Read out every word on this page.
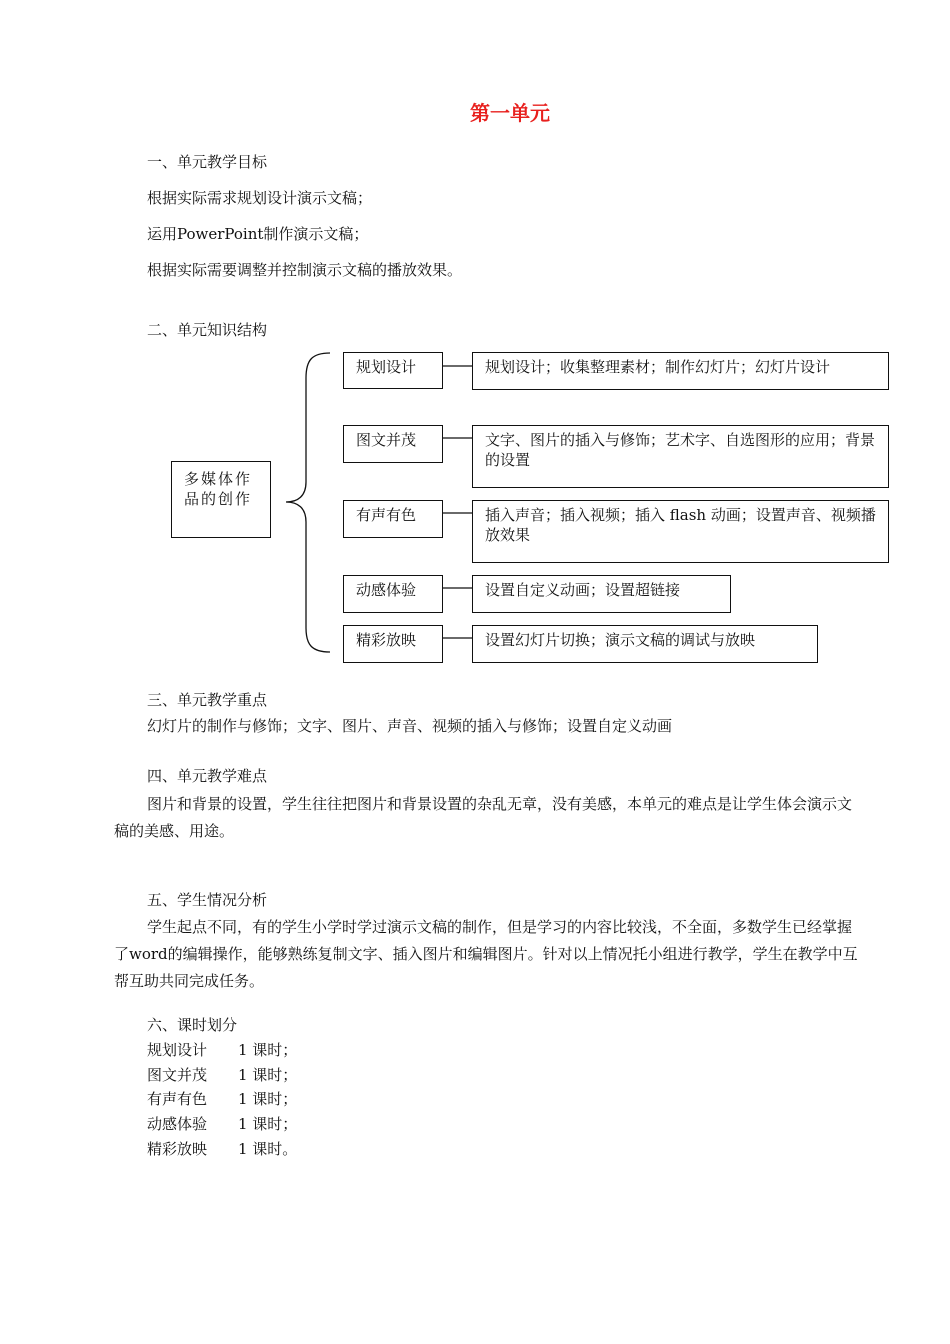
第一单元
一、单元教学目标
根据实际需求规划设计演示文稿；
运用PowerPoint制作演示文稿；
根据实际需要调整并控制演示文稿的播放效果。
二、单元知识结构
多媒体作品的创作
规划设计	规划设计；收集整理素材；制作幻灯片；幻灯片设计
图文并茂	文字、图片的插入与修饰；艺术字、自选图形的应用；背景的设置
有声有色	插入声音；插入视频；插入 flash 动画；设置声音、视频播放效果
动感体验	设置自定义动画；设置超链接
精彩放映	设置幻灯片切换；演示文稿的调试与放映
三、单元教学重点
幻灯片的制作与修饰；文字、图片、声音、视频的插入与修饰；设置自定义动画
四、单元教学难点
图片和背景的设置，学生往往把图片和背景设置的杂乱无章，没有美感，本单元的难点是让学生体会演示文稿的美感、用途。
五、学生情况分析
学生起点不同，有的学生小学时学过演示文稿的制作，但是学习的内容比较浅，不全面，多数学生已经掌握了word的编辑操作，能够熟练复制文字、插入图片和编辑图片。针对以上情况托小组进行教学，学生在教学中互帮互助共同完成任务。
六、课时划分
规划设计 1 课时；
图文并茂 1 课时；
有声有色 1 课时；
动感体验 1 课时；
精彩放映 1 课时。
